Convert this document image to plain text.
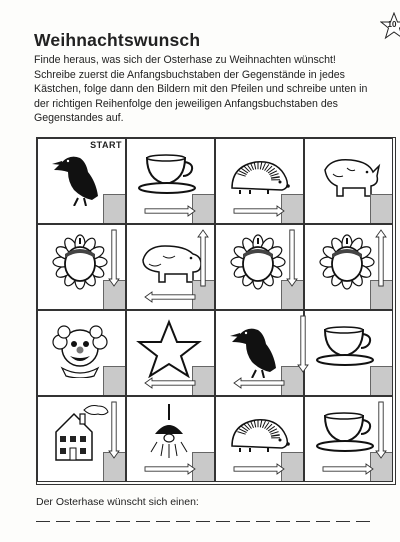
10
Weihnachtswunsch

Finde heraus, was sich der Osterhase zu Weihnachten wünscht! Schreibe zuerst die Anfangsbuchstaben der Gegenstände in jedes Kästchen, folge dann den Bildern mit den Pfeilen und schreibe unten in der richtigen Reihenfolge den jeweiligen Anfangsbuchstaben des Gegenstandes auf.

START

Der Osterhase wünscht sich einen:
